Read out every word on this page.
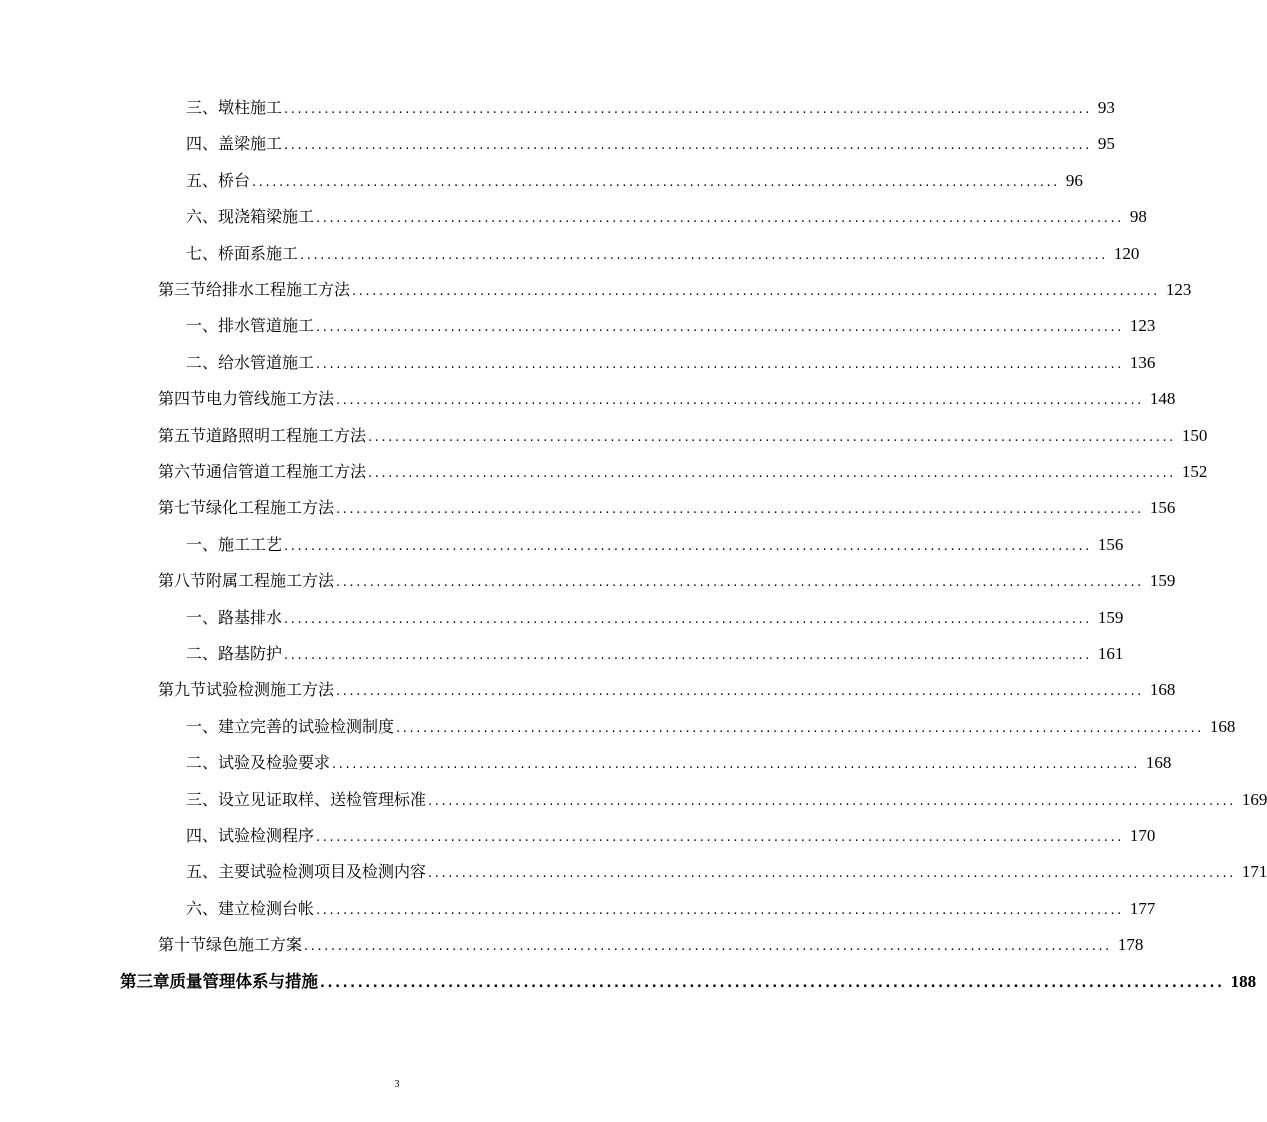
三、 墩柱施工 ........................................................................................................................ 93
四、 盖梁施工 ........................................................................................................................ 95
五、 桥台 ........................................................................................................................ 96
六、 现浇箱梁施工 ........................................................................................................................ 98
七、 桥面系施工 ........................................................................................................................ 120
第三节 给排水工程施工方法 ........................................................................................................................ 123
一、 排水管道施工 ........................................................................................................................ 123
二、 给水管道施工 ........................................................................................................................ 136
第四节 电力管线施工方法 ........................................................................................................................ 148
第五节 道路照明工程施工方法 ........................................................................................................................ 150
第六节 通信管道工程施工方法 ........................................................................................................................ 152
第七节 绿化工程施工方法 ........................................................................................................................ 156
一、 施工工艺 ........................................................................................................................ 156
第八节 附属工程施工方法 ........................................................................................................................ 159
一、 路基排水 ........................................................................................................................ 159
二、 路基防护 ........................................................................................................................ 161
第九节 试验检测施工方法 ........................................................................................................................ 168
一、 建立完善的试验检测制度 ........................................................................................................................ 168
二、 试验及检验要求 ........................................................................................................................ 168
三、 设立见证取样、送检管理标准 ........................................................................................................................ 169
四、 试验检测程序 ........................................................................................................................ 170
五、 主要试验检测项目及检测内容 ........................................................................................................................ 171
六、 建立检测台帐 ........................................................................................................................ 177
第十节 绿色施工方案 ........................................................................................................................ 178
第三章 质量管理体系与措施 ........................................................................................................................ 188
3
